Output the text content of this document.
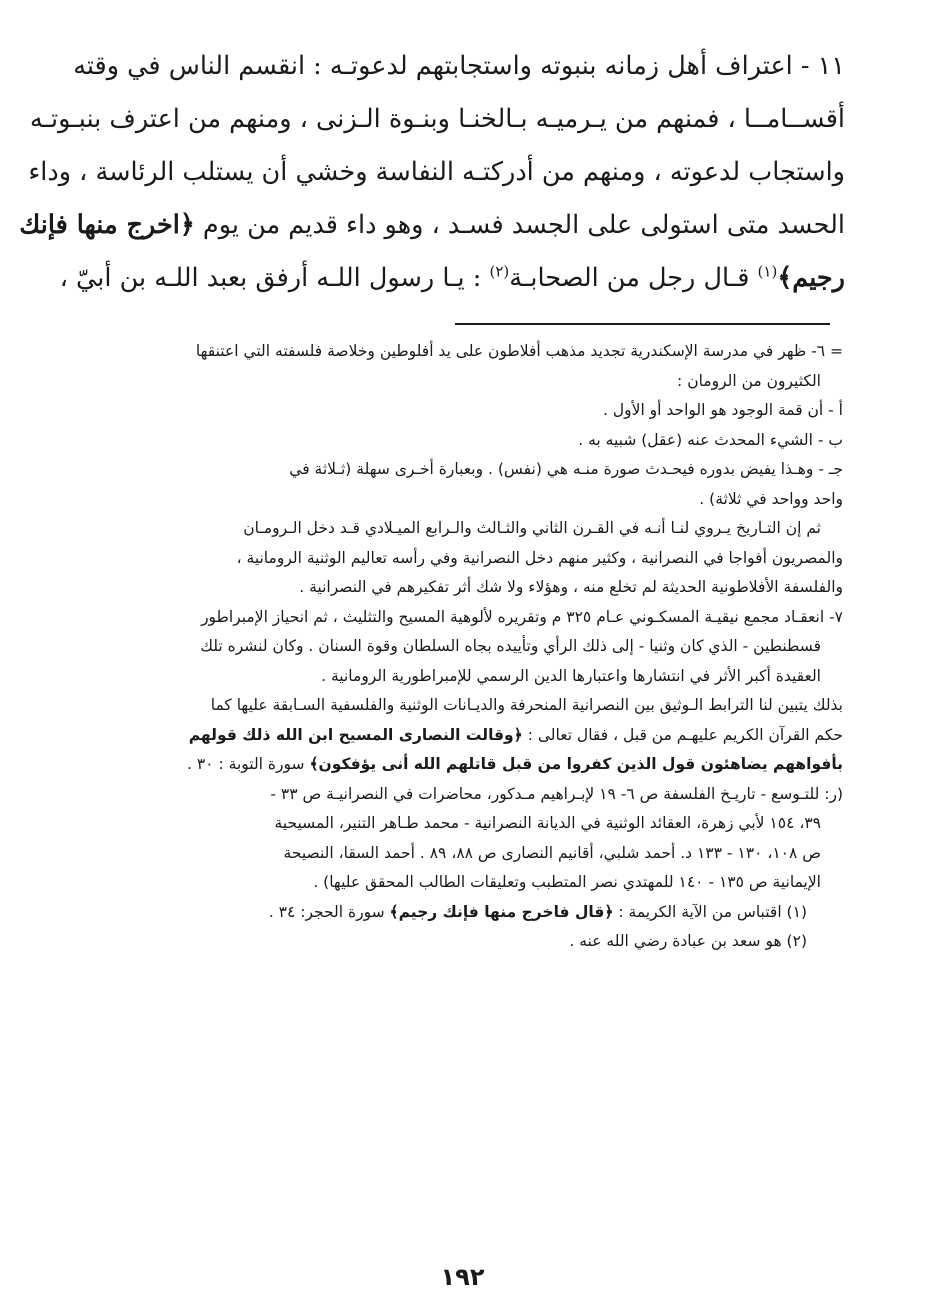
١١ - اعتراف أهل زمانه بنبوته واستجابتهم لدعوتـه : انقسم الناس في وقته
أقســامــا ، فمنهم من يـرميـه بـالخنـا وبنـوة الـزنى ، ومنهم من اعترف بنبـوتـه
واستجاب لدعوته ، ومنهم من أدركتـه النفاسة وخشي أن يستلب الرئاسة ، وداء
الحسد متى استولى على الجسد فسـد ، وهو داء قديم من يوم ﴿اخرج منها فإنك
رجيم﴾$^{(١)}$ قـال رجل من الصحابـة$^{(٢)}$ : يـا رسول اللـه أرفق بعبد اللـه بن أبيّ ،
= ٦- ظهر في مدرسة الإسكندرية تجديد مذهب أفلاطون على يد أفلوطين وخلاصة فلسفته التي اعتنقها
الكثيرون من الرومان :
أ - أن قمة الوجود هو الواحد أو الأول .
ب - الشيء المحدث عنه (عقل) شبيه به .
جـ - وهـذا يفيض بدوره فيحـدث صورة منـه هي (نفس) . وبعبارة أخـرى سهلة (ثـلاثة في
واحد وواحد في ثلاثة) .
ثم إن التـاريخ يـروي لنـا أنـه في القـرن الثاني والثـالث والـرابع الميـلادي قـد دخل الـرومـان
والمصريون أفواجا في النصرانية ، وكثير منهم دخل النصرانية وفي رأسه تعاليم الوثنية الرومانية ،
والفلسفة الأفلاطونية الحديثة لم تخلع منه ، وهؤلاء ولا شك أثر تفكيرهم في النصرانية .
٧- انعقـاد مجمع نيقيـة المسكـوني عـام ٣٢٥ م وتقريره لألوهية المسيح والتثليث ، ثم انحياز الإمبراطور
قسطنطين - الذي كان وثنيا - إلى ذلك الرأي وتأييده بجاه السلطان وقوة السنان . وكان لنشره تلك
العقيدة أكبر الأثر في انتشارها واعتبارها الدين الرسمي للإمبراطورية الرومانية .
بذلك يتبين لنا الترابط الـوثيق بين النصرانية المنحرفة والديـانات الوثنية والفلسفية السـابقة عليها كما
حكم القرآن الكريم عليهـم من قبل ، فقال تعالى : ﴿وقالت النصارى المسيح ابن الله ذلك قولهم
بأفواههم يضاهئون قول الذين كفروا من قبل قاتلهم الله أنى يؤفكون﴾ سورة التوبة : ٣٠ .
(ر: للتـوسع - تاريـخ الفلسفة ص ٦- ١٩ لإبـراهيم مـدكور، محاضرات في النصرانيـة ص ٣٣ -
٣٩، ١٥٤ لأبي زهرة، العقائد الوثنية في الديانة النصرانية - محمد طـاهر التنير، المسيحية
ص ١٠٨، ١٣٠ - ١٣٣ د. أحمد شلبي، أقانيم النصارى ص ٨٨، ٨٩ . أحمد السقا، النصيحة
الإيمانية ص ١٣٥ - ١٤٠ للمهتدي نصر المتطبب وتعليقات الطالب المحقق عليها) .
(١) اقتباس من الآية الكريمة : ﴿قال فاخرج منها فإنك رجيم﴾ سورة الحجر: ٣٤ .
(٢) هو سعد بن عبادة رضي الله عنه .
١٩٢
